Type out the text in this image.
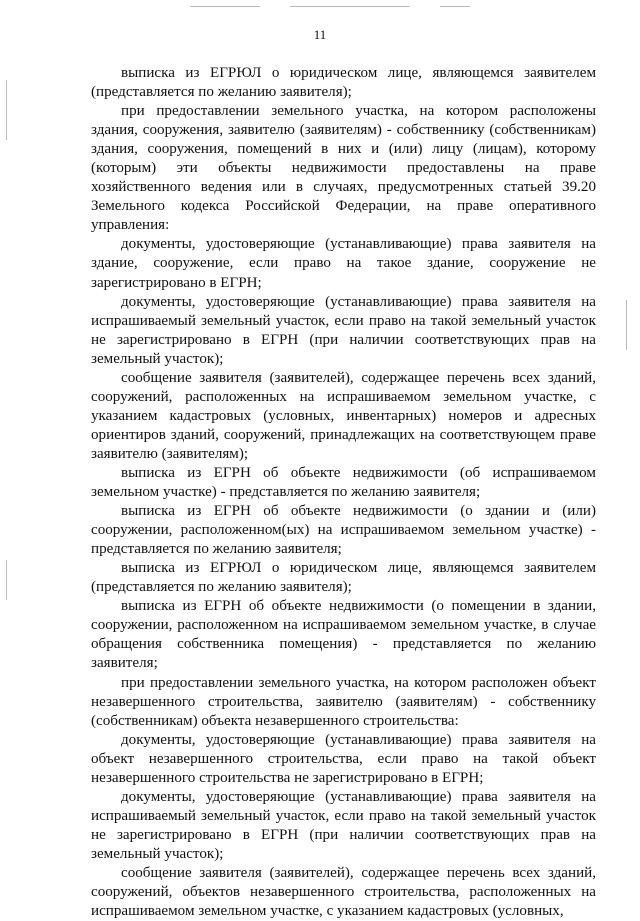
11

выписка из ЕГРЮЛ о юридическом лице, являющемся заявителем (представляется по желанию заявителя);

при предоставлении земельного участка, на котором расположены здания, сооружения, заявителю (заявителям) - собственнику (собственникам) здания, сооружения, помещений в них и (или) лицу (лицам), которому (которым) эти объекты недвижимости предоставлены на праве хозяйственного ведения или в случаях, предусмотренных статьей 39.20 Земельного кодекса Российской Федерации, на праве оперативного управления:

документы, удостоверяющие (устанавливающие) права заявителя на здание, сооружение, если право на такое здание, сооружение не зарегистрировано в ЕГРН;

документы, удостоверяющие (устанавливающие) права заявителя на испрашиваемый земельный участок, если право на такой земельный участок не зарегистрировано в ЕГРН (при наличии соответствующих прав на земельный участок);

сообщение заявителя (заявителей), содержащее перечень всех зданий, сооружений, расположенных на испрашиваемом земельном участке, с указанием кадастровых (условных, инвентарных) номеров и адресных ориентиров зданий, сооружений, принадлежащих на соответствующем праве заявителю (заявителям);

выписка из ЕГРН об объекте недвижимости (об испрашиваемом земельном участке) - представляется по желанию заявителя;

выписка из ЕГРН об объекте недвижимости (о здании и (или) сооружении, расположенном(ых) на испрашиваемом земельном участке) - представляется по желанию заявителя;

выписка из ЕГРЮЛ о юридическом лице, являющемся заявителем (представляется по желанию заявителя);

выписка из ЕГРН об объекте недвижимости (о помещении в здании, сооружении, расположенном на испрашиваемом земельном участке, в случае обращения собственника помещения) - представляется по желанию заявителя;

при предоставлении земельного участка, на котором расположен объект незавершенного строительства, заявителю (заявителям) - собственнику (собственникам) объекта незавершенного строительства:

документы, удостоверяющие (устанавливающие) права заявителя на объект незавершенного строительства, если право на такой объект незавершенного строительства не зарегистрировано в ЕГРН;

документы, удостоверяющие (устанавливающие) права заявителя на испрашиваемый земельный участок, если право на такой земельный участок не зарегистрировано в ЕГРН (при наличии соответствующих прав на земельный участок);

сообщение заявителя (заявителей), содержащее перечень всех зданий, сооружений, объектов незавершенного строительства, расположенных на испрашиваемом земельном участке, с указанием кадастровых (условных,
